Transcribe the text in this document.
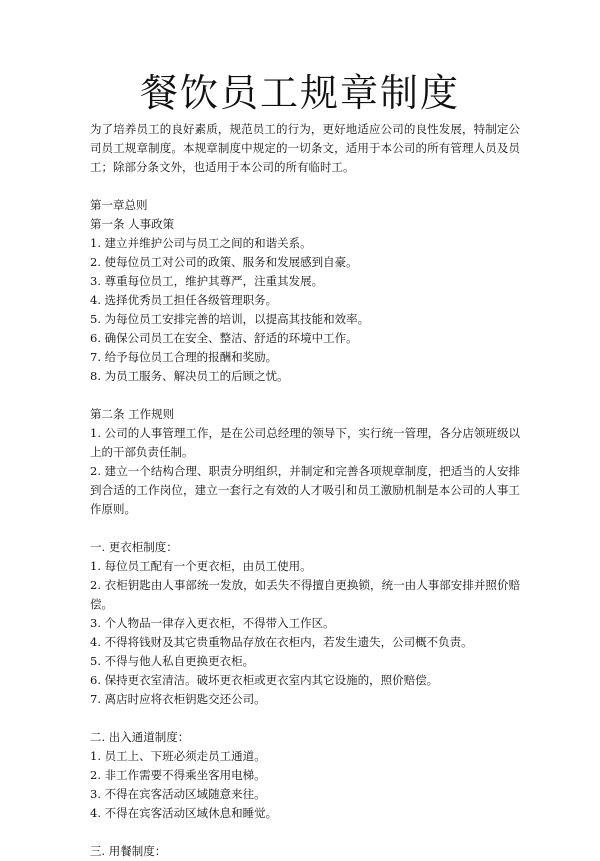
餐饮员工规章制度

为了培养员工的良好素质，规范员工的行为，更好地适应公司的良性发展，特制定公司员工规章制度。本规章制度中规定的一切条文，适用于本公司的所有管理人员及员工；除部分条文外，也适用于本公司的所有临时工。

第一章总则
第一条 人事政策
1. 建立并维护公司与员工之间的和谐关系。
2. 使每位员工对公司的政策、服务和发展感到自豪。
3. 尊重每位员工，维护其尊严，注重其发展。
4. 选择优秀员工担任各级管理职务。
5. 为每位员工安排完善的培训，以提高其技能和效率。
6. 确保公司员工在安全、整洁、舒适的环境中工作。
7. 给予每位员工合理的报酬和奖励。
8. 为员工服务、解决员工的后顾之忧。
第二条 工作规则
1. 公司的人事管理工作，是在公司总经理的领导下，实行统一管理，各分店领班级以上的干部负责任制。
2. 建立一个结构合理、职责分明组织，并制定和完善各项规章制度，把适当的人安排到合适的工作岗位，建立一套行之有效的人才吸引和员工激励机制是本公司的人事工作原则。
一. 更衣柜制度：
1. 每位员工配有一个更衣柜，由员工使用。
2. 衣柜钥匙由人事部统一发放，如丢失不得擅自更换锁，统一由人事部安排并照价赔偿。
3. 个人物品一律存入更衣柜，不得带入工作区。
4. 不得将钱财及其它贵重物品存放在衣柜内，若发生遗失，公司概不负责。
5. 不得与他人私自更换更衣柜。
6. 保持更衣室清洁。破坏更衣柜或更衣室内其它设施的，照价赔偿。
7. 离店时应将衣柜钥匙交还公司。
二. 出入通道制度：
1. 员工上、下班必须走员工通道。
2. 非工作需要不得乘坐客用电梯。
3. 不得在宾客活动区域随意来往。
4. 不得在宾客活动区域休息和睡觉。
三. 用餐制度：
